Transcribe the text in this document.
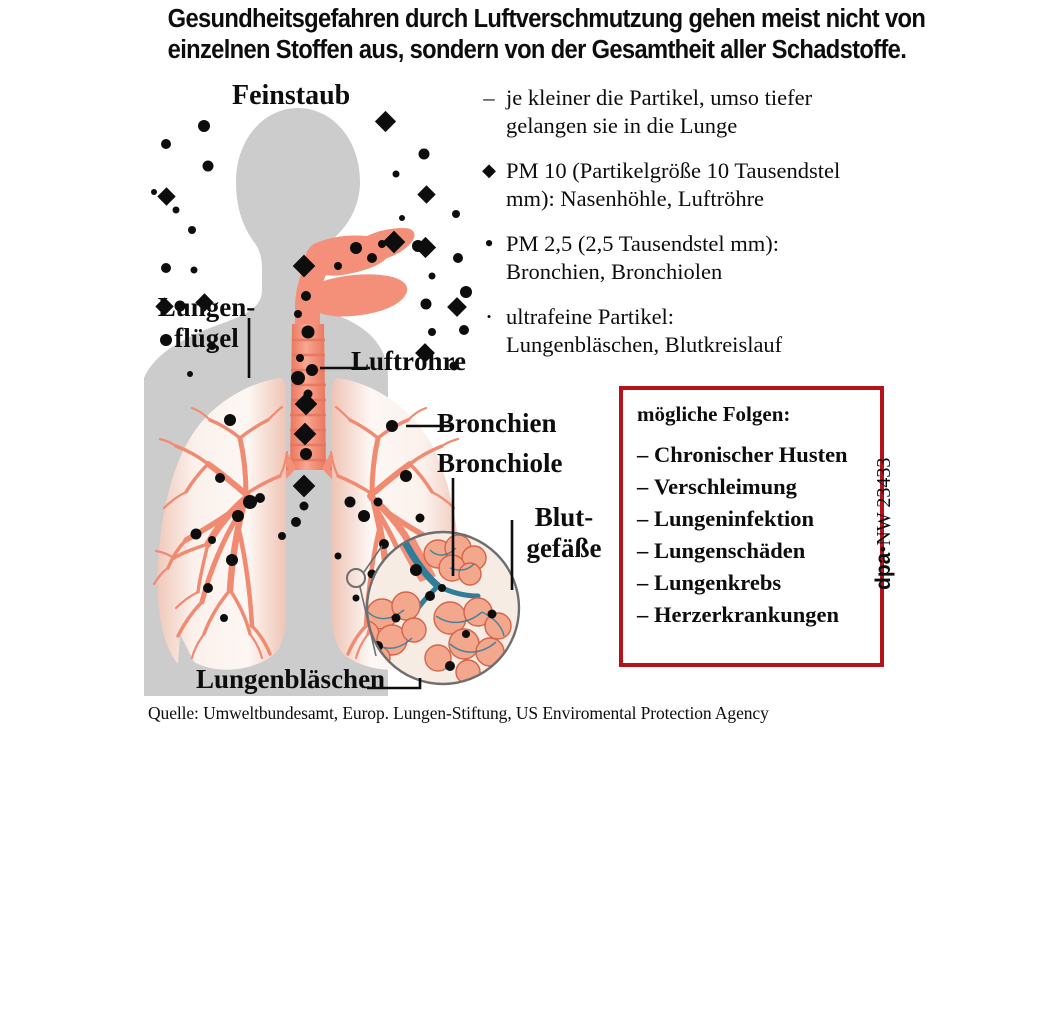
Gesundheitsgefahren durch Luftverschmutzung gehen meist nicht von
einzelnen Stoffen aus, sondern von der Gesamtheit aller Schadstoffe.
Feinstaub
Lungen-
flügel
Luftröhre
Bronchien
Bronchiole
Blut-
gefäße
Lungenbläschen
– je kleiner die Partikel, umso tiefer
gelangen sie in die Lunge
◆ PM 10 (Partikelgröße 10 Tausendstel
mm): Nasenhöhle, Luftröhre
• PM 2,5 (2,5 Tausendstel mm):
Bronchien, Bronchiolen
• ultrafeine Partikel:
Lungenbläschen, Blutkreislauf
mögliche Folgen:
– Chronischer Husten
– Verschleimung
– Lungeninfektion
– Lungenschäden
– Lungenkrebs
– Herzerkrankungen
Quelle: Umweltbundesamt, Europ. Lungen-Stiftung, US Enviromental Protection Agency
dpa•NW 23433
